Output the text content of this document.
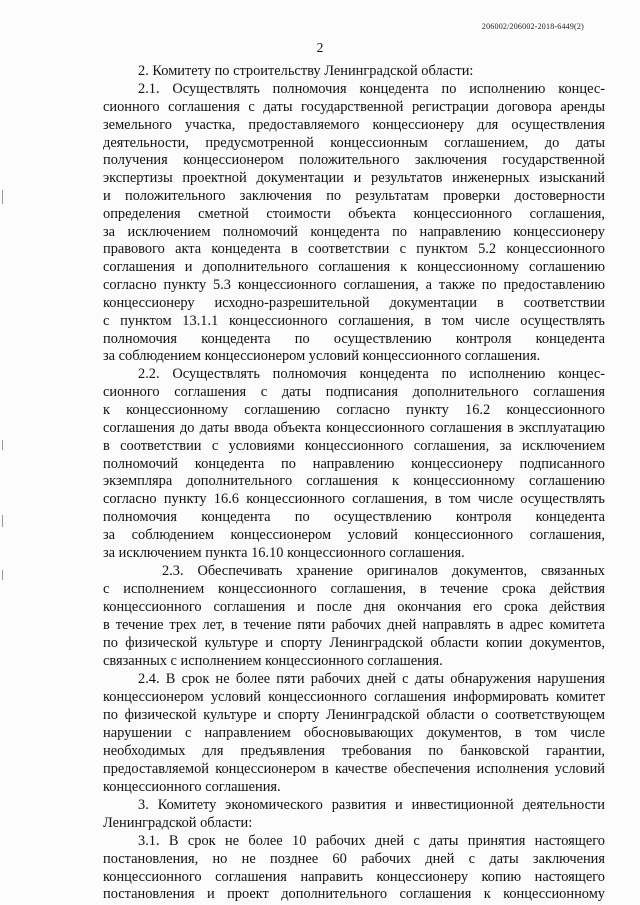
206002/206002-2018-6449(2)
2
2. Комитету по строительству Ленинградской области:
2.1. Осуществлять полномочия концедента по исполнению концес-
сионного соглашения с даты государственной регистрации договора аренды
земельного участка, предоставляемого концессионеру для осуществления
деятельности, предусмотренной концессионным соглашением, до даты
получения концессионером положительного заключения государственной
экспертизы проектной документации и результатов инженерных изысканий
и положительного заключения по результатам проверки достоверности
определения сметной стоимости объекта концессионного соглашения,
за исключением полномочий концедента по направлению концессионеру
правового акта концедента в соответствии с пунктом 5.2 концессионного
соглашения и дополнительного соглашения к концессионному соглашению
согласно пункту 5.3 концессионного соглашения, а также по предоставлению
концессионеру исходно-разрешительной документации в соответствии
с пунктом 13.1.1 концессионного соглашения, в том числе осуществлять
полномочия концедента по осуществлению контроля концедента
за соблюдением концессионером условий концессионного соглашения.
2.2. Осуществлять полномочия концедента по исполнению концес-
сионного соглашения с даты подписания дополнительного соглашения
к концессионному соглашению согласно пункту 16.2 концессионного
соглашения до даты ввода объекта концессионного соглашения в эксплуатацию
в соответствии с условиями концессионного соглашения, за исключением
полномочий концедента по направлению концессионеру подписанного
экземпляра дополнительного соглашения к концессионному соглашению
согласно пункту 16.6 концессионного соглашения, в том числе осуществлять
полномочия концедента по осуществлению контроля концедента
за соблюдением концессионером условий концессионного соглашения,
за исключением пункта 16.10 концессионного соглашения.
2.3. Обеспечивать хранение оригиналов документов, связанных
с исполнением концессионного соглашения, в течение срока действия
концессионного соглашения и после дня окончания его срока действия
в течение трех лет, в течение пяти рабочих дней направлять в адрес комитета
по физической культуре и спорту Ленинградской области копии документов,
связанных с исполнением концессионного соглашения.
2.4. В срок не более пяти рабочих дней с даты обнаружения нарушения
концессионером условий концессионного соглашения информировать комитет
по физической культуре и спорту Ленинградской области о соответствующем
нарушении с направлением обосновывающих документов, в том числе
необходимых для предъявления требования по банковской гарантии,
предоставляемой концессионером в качестве обеспечения исполнения условий
концессионного соглашения.
3. Комитету экономического развития и инвестиционной деятельности
Ленинградской области:
3.1. В срок не более 10 рабочих дней с даты принятия настоящего
постановления, но не позднее 60 рабочих дней с даты заключения
концессионного соглашения направить концессионеру копию настоящего
постановления и проект дополнительного соглашения к концессионному
